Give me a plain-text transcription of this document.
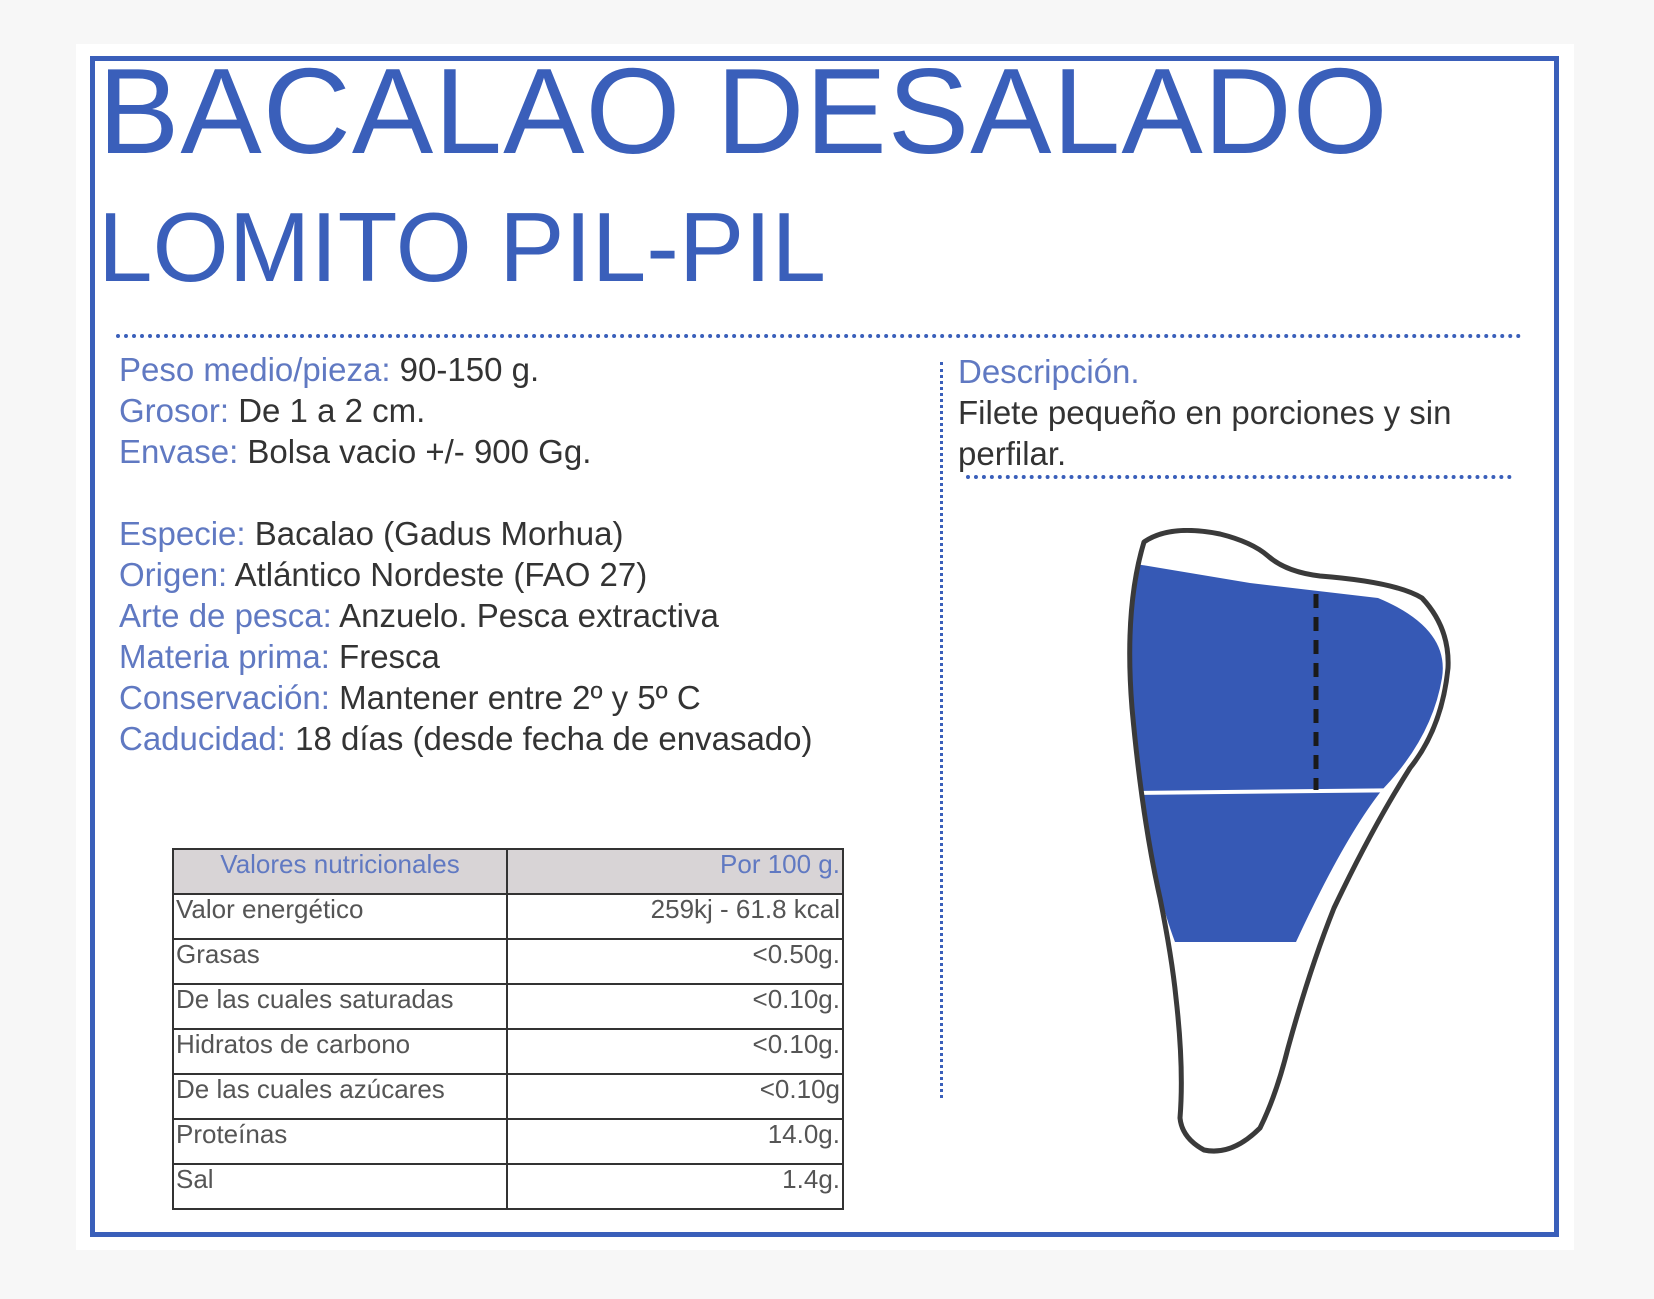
BACALAO DESALADO
LOMITO PIL-PIL
Peso medio/pieza: 90-150 g.
Grosor: De 1 a 2 cm.
Envase: Bolsa vacio +/- 900 Gg.
Especie: Bacalao (Gadus Morhua)
Origen: Atlántico Nordeste (FAO 27)
Arte de pesca: Anzuelo. Pesca extractiva
Materia prima: Fresca
Conservación: Mantener entre 2º y 5º C
Caducidad: 18 días (desde fecha de envasado)
Descripción.
Filete pequeño en porciones y sin perfilar.
Valores nutricionales	Por 100 g.
Valor energético	259kj - 61.8 kcal
Grasas	<0.50g.
De las cuales saturadas	<0.10g.
Hidratos de carbono	<0.10g.
De las cuales azúcares	<0.10g
Proteínas	14.0g.
Sal	1.4g.
